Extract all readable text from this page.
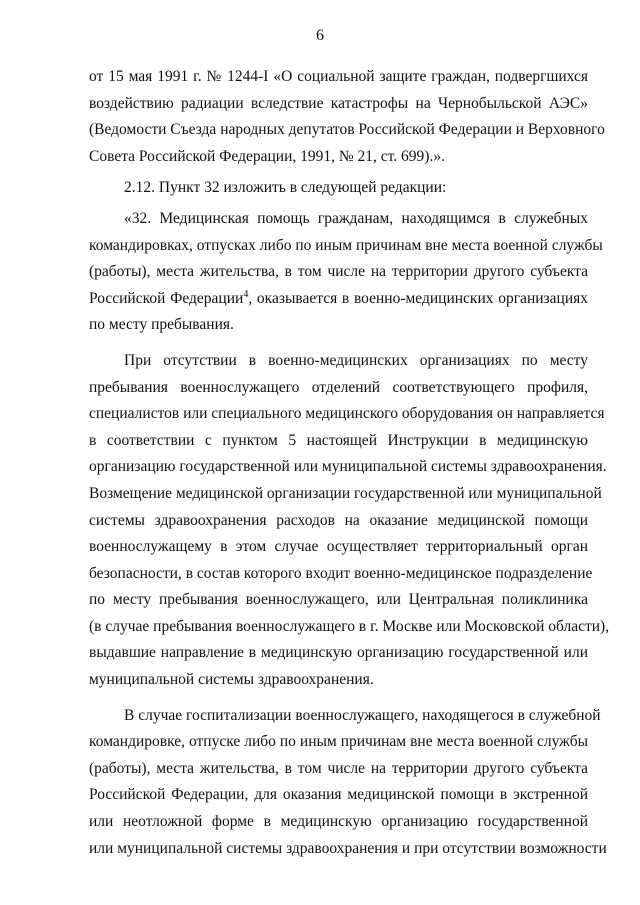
6
от 15 мая 1991 г. № 1244-I «О социальной защите граждан, подвергшихся
воздействию радиации вследствие катастрофы на Чернобыльской АЭС»
(Ведомости Съезда народных депутатов Российской Федерации и Верховного
Совета Российской Федерации, 1991, № 21, ст. 699).».
2.12. Пункт 32 изложить в следующей редакции:
«32. Медицинская помощь гражданам, находящимся в служебных
командировках, отпусках либо по иным причинам вне места военной службы
(работы), места жительства, в том числе на территории другого субъекта
Российской Федерации$^4$, оказывается в военно-медицинских организациях
по месту пребывания.
При отсутствии в военно-медицинских организациях по месту
пребывания военнослужащего отделений соответствующего профиля,
специалистов или специального медицинского оборудования он направляется
в соответствии с пунктом 5 настоящей Инструкции в медицинскую
организацию государственной или муниципальной системы здравоохранения.
Возмещение медицинской организации государственной или муниципальной
системы здравоохранения расходов на оказание медицинской помощи
военнослужащему в этом случае осуществляет территориальный орган
безопасности, в состав которого входит военно-медицинское подразделение
по месту пребывания военнослужащего, или Центральная поликлиника
(в случае пребывания военнослужащего в г. Москве или Московской области),
выдавшие направление в медицинскую организацию государственной или
муниципальной системы здравоохранения.
В случае госпитализации военнослужащего, находящегося в служебной
командировке, отпуске либо по иным причинам вне места военной службы
(работы), места жительства, в том числе на территории другого субъекта
Российской Федерации, для оказания медицинской помощи в экстренной
или неотложной форме в медицинскую организацию государственной
или муниципальной системы здравоохранения и при отсутствии возможности
